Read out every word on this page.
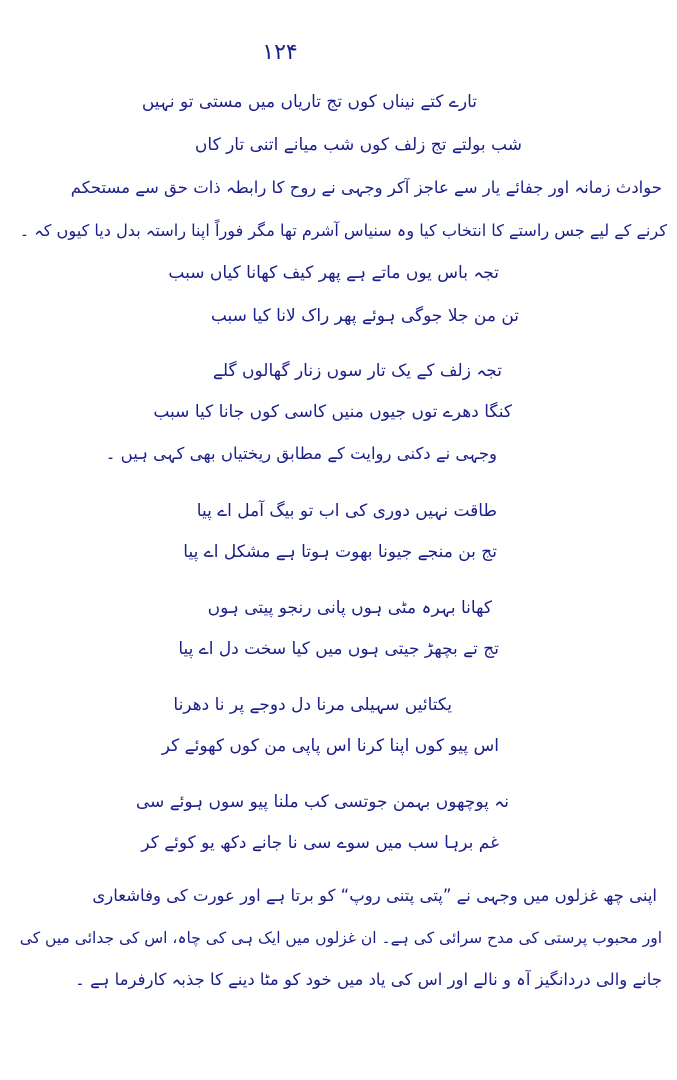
۱۲۴
تارے کتے نیناں کوں تج تاریاں میں مستی تو نہیں
شب بولتے تج زلف کوں شب میانے اتنی تار کاں
حوادث زمانہ اور جفائے یار سے عاجز آکر وجہی نے روح کا رابطہ ذات حق سے مستحکم
کرنے کے لیے جس راستے کا انتخاب کیا وہ سنیاس آشرم تھا مگر فوراً اپنا راستہ بدل دیا کیوں کہ ۔
تجہ باس یوں ماتے ہے پھر کیف کھانا کیاں سبب
تن من جلا جوگی ہوئے پھر راک لانا کیا سبب
تجہ زلف کے یک تار سوں زنار گھالوں گلے
کنگا دھرے توں جیوں منیں کاسی کوں جانا کیا سبب
وجہی نے دکنی روایت کے مطابق ریختیاں بھی کہی ہیں ۔
طاقت نہیں دوری کی اب تو بیگ آمل اے پیا
تج بن منجے جیونا بھوت ہوتا ہے مشکل اے پیا
کھانا بہرہ مٹی ہوں پانی رنجو پیتی ہوں
تج تے بچھڑ جیتی ہوں میں کیا سخت دل اے پیا
یکتائیں سہیلی مرنا دل دوجے پر نا دھرنا
اس پیو کوں اپنا کرنا اس پاپی من کوں کھوئے کر
نہ پوچھوں بہمن جوتسی کب ملنا پیو سوں ہوئے سی
غم برہا سب میں سوے سی نا جانے دکھ یو کوئے کر
اپنی چھ غزلوں میں وجہی نے ”پتی پتنی روپ“ کو برتا ہے اور عورت کی وفاشعاری
اور محبوب پرستی کی مدح سرائی کی ہے۔ ان غزلوں میں ایک ہی کی چاہ، اس کی جدائی میں کی
جانے والی دردانگیز آہ و نالے اور اس کی یاد میں خود کو مٹا دینے کا جذبہ کارفرما ہے ۔
